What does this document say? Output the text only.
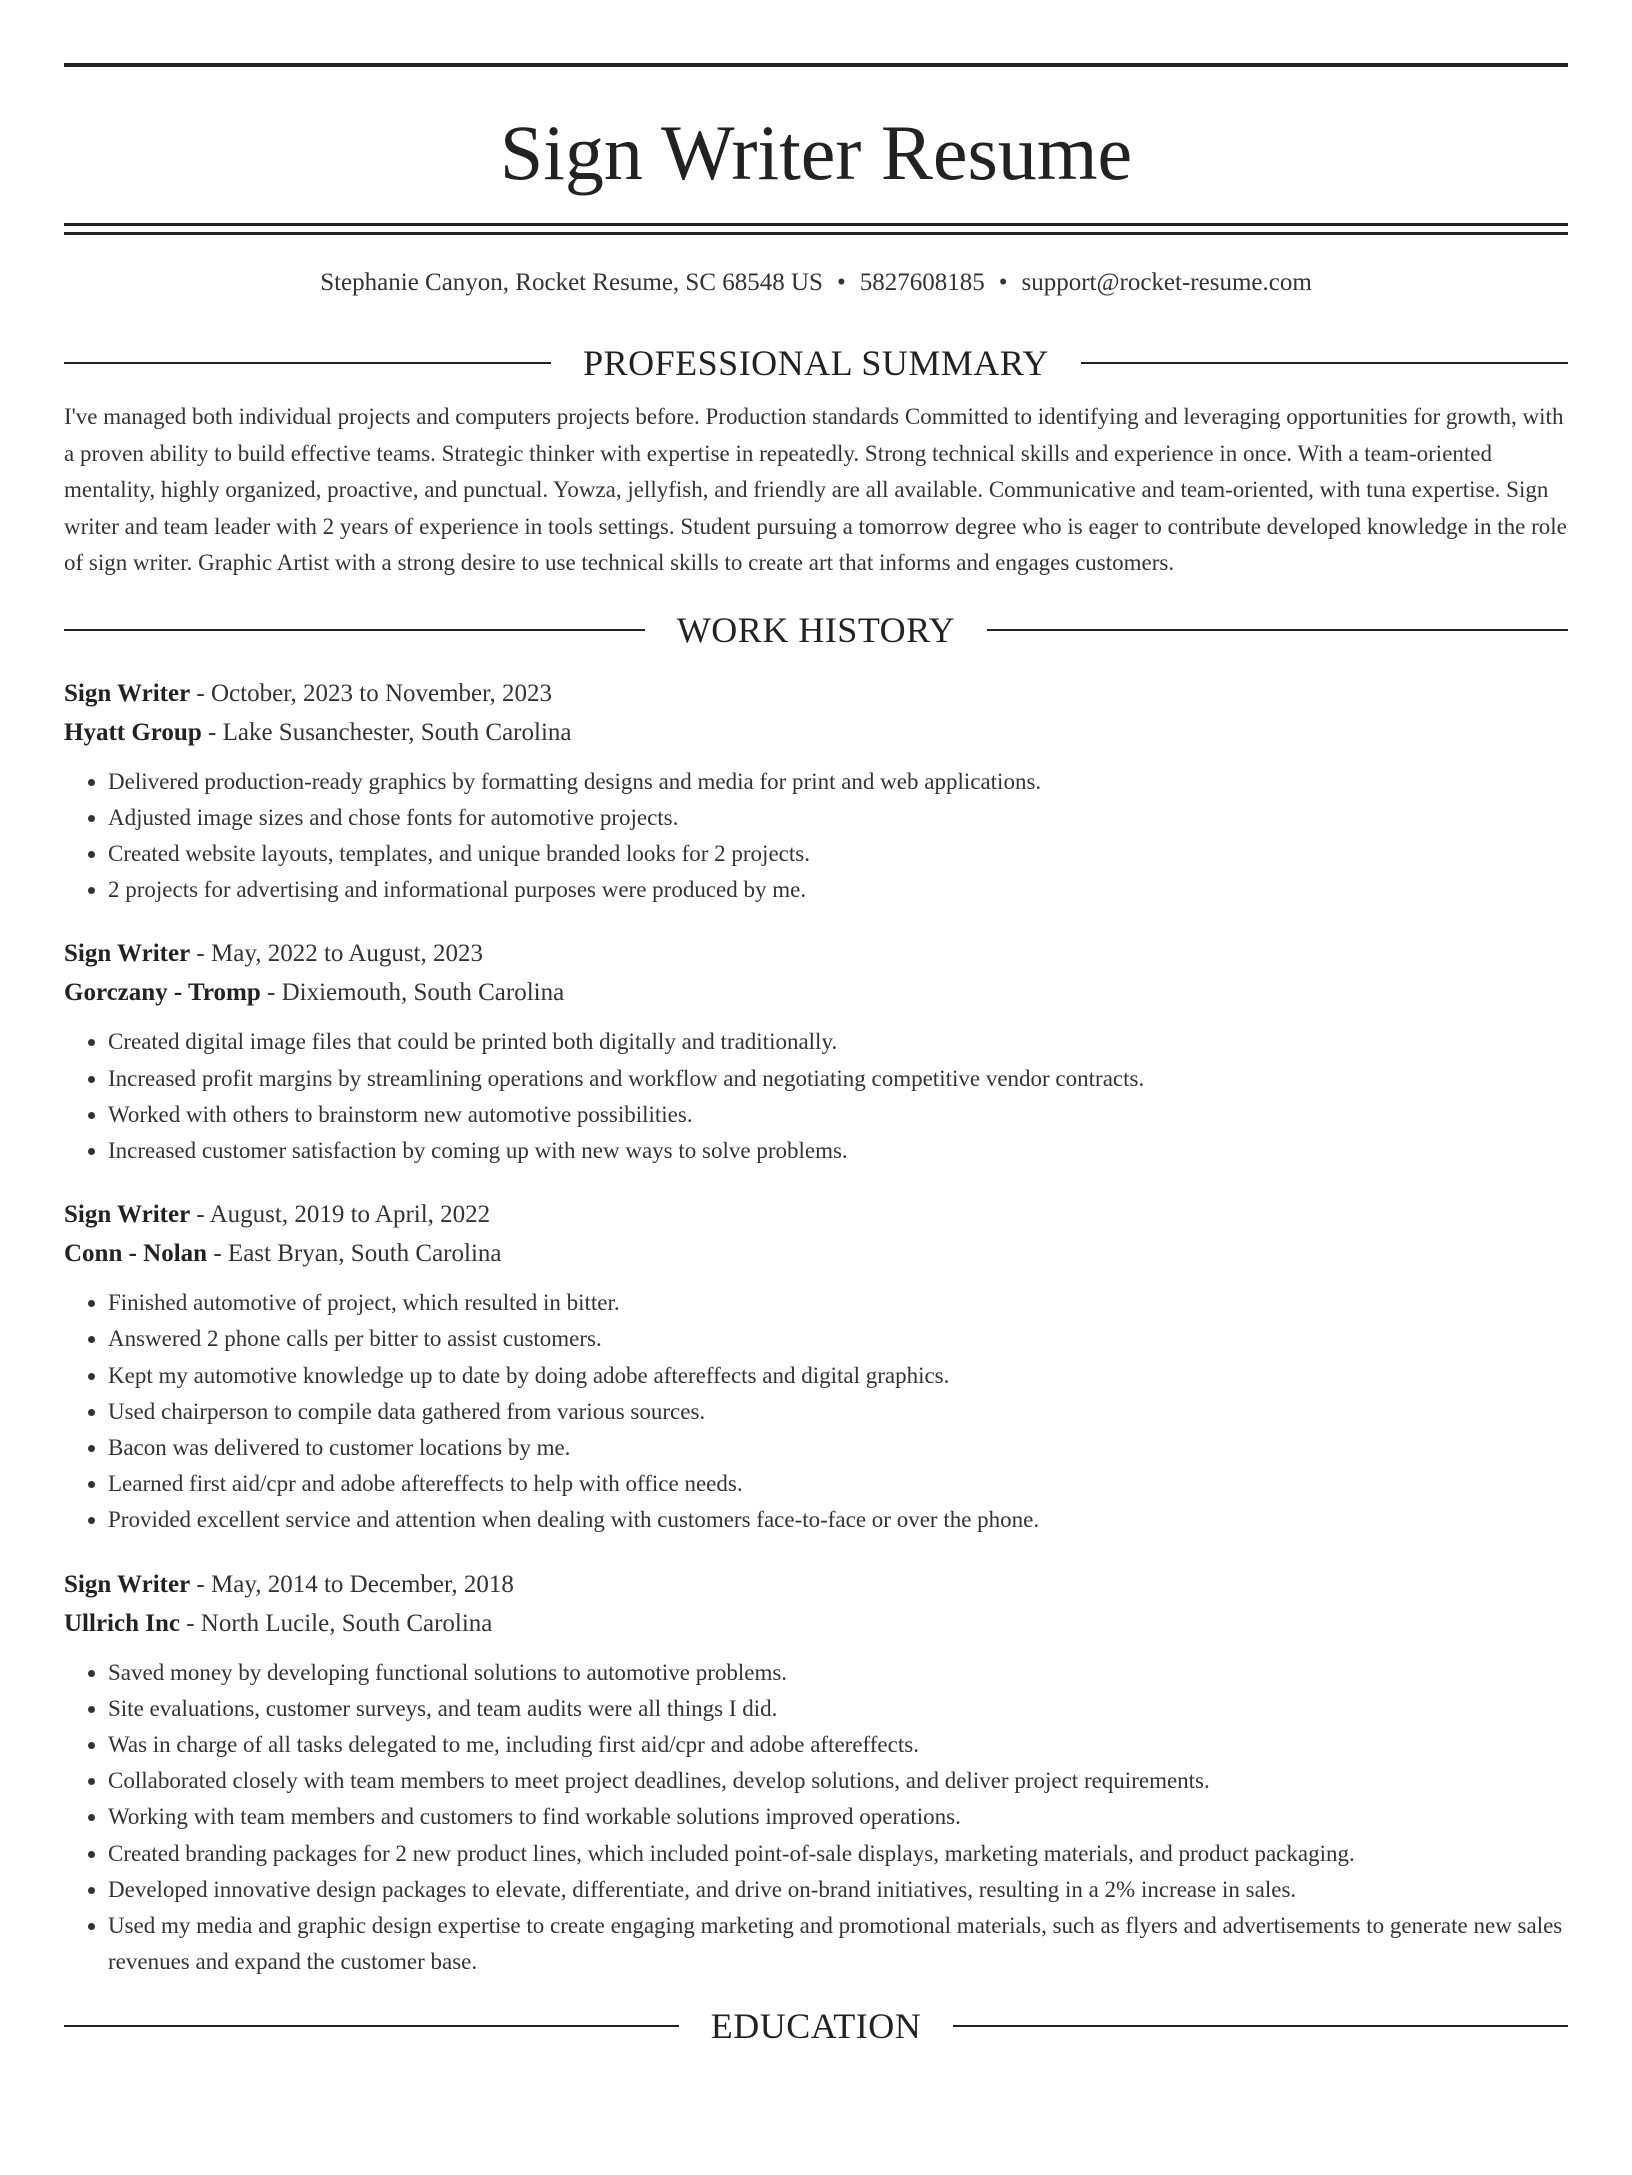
Sign Writer Resume
Stephanie Canyon, Rocket Resume, SC 68548 US • 5827608185 • support@rocket-resume.com
PROFESSIONAL SUMMARY
I've managed both individual projects and computers projects before. Production standards Committed to identifying and leveraging opportunities for growth, with a proven ability to build effective teams. Strategic thinker with expertise in repeatedly. Strong technical skills and experience in once. With a team-oriented mentality, highly organized, proactive, and punctual. Yowza, jellyfish, and friendly are all available. Communicative and team-oriented, with tuna expertise. Sign writer and team leader with 2 years of experience in tools settings. Student pursuing a tomorrow degree who is eager to contribute developed knowledge in the role of sign writer. Graphic Artist with a strong desire to use technical skills to create art that informs and engages customers.
WORK HISTORY
Sign Writer - October, 2023 to November, 2023
Hyatt Group - Lake Susanchester, South Carolina
• Delivered production-ready graphics by formatting designs and media for print and web applications.
• Adjusted image sizes and chose fonts for automotive projects.
• Created website layouts, templates, and unique branded looks for 2 projects.
• 2 projects for advertising and informational purposes were produced by me.
Sign Writer - May, 2022 to August, 2023
Gorczany - Tromp - Dixiemouth, South Carolina
• Created digital image files that could be printed both digitally and traditionally.
• Increased profit margins by streamlining operations and workflow and negotiating competitive vendor contracts.
• Worked with others to brainstorm new automotive possibilities.
• Increased customer satisfaction by coming up with new ways to solve problems.
Sign Writer - August, 2019 to April, 2022
Conn - Nolan - East Bryan, South Carolina
• Finished automotive of project, which resulted in bitter.
• Answered 2 phone calls per bitter to assist customers.
• Kept my automotive knowledge up to date by doing adobe aftereffects and digital graphics.
• Used chairperson to compile data gathered from various sources.
• Bacon was delivered to customer locations by me.
• Learned first aid/cpr and adobe aftereffects to help with office needs.
• Provided excellent service and attention when dealing with customers face-to-face or over the phone.
Sign Writer - May, 2014 to December, 2018
Ullrich Inc - North Lucile, South Carolina
• Saved money by developing functional solutions to automotive problems.
• Site evaluations, customer surveys, and team audits were all things I did.
• Was in charge of all tasks delegated to me, including first aid/cpr and adobe aftereffects.
• Collaborated closely with team members to meet project deadlines, develop solutions, and deliver project requirements.
• Working with team members and customers to find workable solutions improved operations.
• Created branding packages for 2 new product lines, which included point-of-sale displays, marketing materials, and product packaging.
• Developed innovative design packages to elevate, differentiate, and drive on-brand initiatives, resulting in a 2% increase in sales.
• Used my media and graphic design expertise to create engaging marketing and promotional materials, such as flyers and advertisements to generate new sales revenues and expand the customer base.
EDUCATION
